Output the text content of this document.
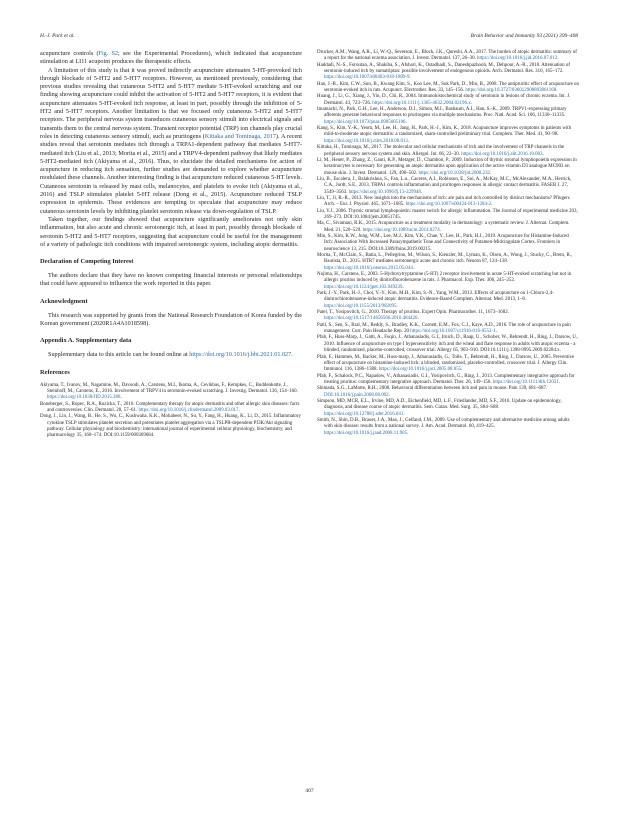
H.-J. Park et al.	Brain Behavior and Immunity 93 (2021) 399–408

acupuncture controls (Fig. S2; see the Experimental Procedures), which indicated that acupuncture stimulation at LI11 acupoint produces the therapeutic effects.

A limitation of this study is that it was proved indirectly acupuncture attenuates 5-HT-provoked itch through blockade of 5-HT2 and 5-HT7 receptors. However, as mentioned previously, considering that previous studies revealing that cutaneous 5-HT2 and 5-HT7 mediate 5-HT-evoked scratching and our finding showing acupuncture could inhibit the activation of 5-HT2 and 5-HT7 receptors, it is evident that acupuncture attenuates 5-HT-evoked itch response, at least in part, possibly through the inhibition of 5-HT2 and 5-HT7 receptors. Another limitation is that we focused only cutaneous 5-HT2 and 5-HT7 receptors. The peripheral nervous system transduces cutaneous sensory stimuli into electrical signals and transmits them to the central nervous system. Transient receptor potential (TRP) ion channels play crucial roles in detecting cutaneous sensory stimuli, such as pruritogens (Kittaka and Tominaga, 2017). A recent studies reveal that serotonin mediates itch through a TRPA1-dependent pathway that mediates 5-HT7-mediated itch (Liu et al., 2013; Morita et al., 2015) and a TRPV4-dependent pathway that likely mediates 5-HT2-mediated itch (Akiyama et al., 2016). Thus, to elucidate the detailed mechanisms for action of acupuncture in reducing itch sensation, further studies are demanded to explore whether acupuncture modulated these channels. Another interesting finding is that acupuncture reduced cutaneous 5-HT levels. Cutaneous serotonin is released by mast cells, melanocytes, and platelets to evoke itch (Akiyama et al., 2016) and TSLP stimulates platelet 5-HT release (Dong et al., 2015). Acupuncture reduced TSLP expression in epidermis. These evidences are tempting to speculate that acupuncture may reduce cutaneous serotonin levels by inhibiting platelet serotonin release via down-regulation of TSLP.

Taken together, our findings showed that acupuncture significantly ameliorates not only skin inflammation, but also acute and chronic serotonergic itch, at least in part, possibly through blockade of serotonin 5-HT2 and 5-HT7 receptors, suggesting that acupuncture could be useful for the management of a variety of pathologic itch conditions with impaired serotonergic system, including atopic dermatitis.

Declaration of Competing Interest

The authors declare that they have no known competing financial interests or personal relationships that could have appeared to influence the work reported in this paper.

Acknowledgment

This research was supported by grants from the National Research Foundation of Korea funded by the Korean government (2020R1A4A1018598).

Appendix A. Supplementary data

Supplementary data to this article can be found online at https://doi.org/10.1016/j.bbi.2021.01.027.

References

Akiyama, T., Ivanov, M., Nagamine, M., Davoodi, A., Carstens, M.I., Ikoma, A., Cevikbas, F., Kempkes, C., Buddenkotte, J., Steinhoff, M., Carstens, E., 2016. Involvement of TRPV4 in serotonin-evoked scratching. J. Investig. Dermatol. 136, 154–160. https://doi.org/10.1038/JID.2015.388.

Boneberger, S., Rupec, R.A., Ruzicka, T., 2010. Complementary therapy for atopic dermatitis and other allergic skin diseases: facts and controversies. Clin. Dermatol. 28, 57–61. https://doi.org/10.1016/j.clindermatol.2009.03.017.

Dong, J., Lin, J., Wang, B., He, S., Wu, C., Kushwaha, K.K., Mohabeer, N., Su, Y., Fang, H., Huang, K., Li, D., 2015. Inflammatory cytokine TSLP stimulates platelet secretion and potentiates platelet aggregation via a TSLPR-dependent PI3K/Akt signaling pathway. Cellular physiology and biochemistry: international journal of experimental cellular physiology, biochemistry, and pharmacology 35, 160–174. DOI:10.1159/000369684.

Drucker, A.M., Wang, A.R., Li, W.-Q., Sevetson, E., Block, J.K., Qureshi, A.A., 2017. The burden of atopic dermatitis: summary of a report for the national eczema association. J. Invest. Dermatol. 137, 26–30. https://doi.org/10.1016/j.jid.2016.07.012.

Haddadi, N.-S., Foroutan, A., Shakiba, S., Afshari, K., Ostadhadi, S., Daneshpazhooh, M., Dehpour, A.-R., 2018. Attenuation of serotonin-induced itch by sumatriptan: possible involvement of endogenous opioids. Arch. Dermatol. Res. 310, 165–172. https://doi.org/10.1007/s00403-018-1809-9.

Han, J.-B., Kim, C.W., Sun, B., Kwang Kim, S., Koo Lee, M., Suk Park, D., Min, B., 2008. The antipruritic effect of acupuncture on serotonin-evoked itch in rats. Acupunct. Electrother. Res. 33, 145–156. https://doi.org/10.3727/036012908803861168.

Huang, J., Li, G., Xiang, J., Yin, D., Chi, R., 2004. Immunohistochemical study of serotonin in lesions of chronic eczema. Int. J. Dermatol. 43, 723–726. https://doi.org/10.1111/j.1365-4632.2004.02196.x.

Imamachi, N., Park, G.H., Lee, H., Anderson, D.J., Simon, M.I., Basbaum, A.I., Han, S.-K., 2009. TRPV1-expressing primary afferents generate behavioral responses to pruritogens via multiple mechanisms. Proc. Natl. Acad. Sci. 106, 11330–11335. https://doi.org/10.1073/pnas.0905605106.

Kang, S., Kim, Y.-K., Yeom, M., Lee, H., Jang, H., Park, H.-J., Kim, K., 2018. Acupuncture improves symptoms in patients with mild-to-moderate atopic dermatitis: a randomized, sham-controlled preliminary trial. Complem. Ther. Med. 41, 90–98. https://doi.org/10.1016/j.ctim.2018.08.013.

Kittaka, H., Tominaga, M., 2017. The molecular and cellular mechanisms of itch and the involvement of TRP channels in the peripheral sensory nervous system and skin. Allergol. Int. 66, 22–30. https://doi.org/10.1016/j.alit.2016.10.003.

Li, M., Hener, P., Zhang, Z., Ganti, K.P., Metzger, D., Chambon, P., 2009. Induction of thymic stromal lymphopoietin expression in keratinocytes is necessary for generating an atopic dermatitis upon application of the active vitamin D3 analogue MC903 on mouse skin. J. Invest. Dermatol. 129, 498–502. https://doi.org/10.1038/jid.2008.232.

Liu, B., Escalera, J., Balakrishna, S., Fan, L.u., Caceres, A.I., Robinson, E., Sui, A., McKay, M.C., McAlexander, M.A., Herrick, C.A., Jordt, S.E., 2013. TRPA1 controls inflammation and pruritogen responses in allergic contact dermatitis. FASEB J. 27, 3549–3563. https://doi.org/10.1096/fj.13-229948.

Liu, T., Ji, R.-R., 2013. New insights into the mechanisms of itch: are pain and itch controlled by distinct mechanisms? Pflugers Arch. – Eur. J. Physiol. 465, 1671–1685. https://doi.org/10.1007/s00424-013-1284-2.

Liu, Y.J., 2006. Thymic stromal lymphopoietin: master switch for allergic inflammation. The Journal of experimental medicine 203, 269–273. DOI:10.1084/jem.20051745.

Ma, C., Sivamani, R.K., 2015. Acupuncture as a treatment modality in dermatology: a systematic review. J. Alternat. Complem. Med. 21, 520–529. https://doi.org/10.1089/acm.2014.0274.

Min, S., Kim, K.W., Jung, W.M., Lee, M.J., Kim, Y.K., Chae, Y., Lee, H., Park, H.J., 2019. Acupuncture for Histamine-Induced Itch: Association With Increased Parasympathetic Tone and Connectivity of Putamen-Midcingulate Cortex. Frontiers in neuroscience 13, 215. DOI:10.3389/fnins.2019.00215.

Morita, T., McClain, S., Batia, L., Pellegrino, M., Wilson, S., Kienzler, M., Lyman, K., Olsen, A., Wong, J., Stucky, C., Brem, R., Bautista, D., 2015. HTR7 mediates serotonergic acute and chronic itch. Neuron 87, 124–138. https://doi.org/10.1016/j.neuron.2015.05.044.

Nojima, H., Carstens, E., 2003. 5-Hydroxytryptamine (5-HT) 2 receptor involvement in acute 5-HT-evoked scratching but not in allergic pruritus induced by dinitrofluorobenzene in rats. J. Pharmacol. Exp. Ther. 306, 245–252. https://doi.org/10.1124/jpet.103.049239.

Park, J.-Y., Park, H.-J., Choi, Y.-Y., Kim, M.H., Kim, S.-N., Yang, W.M., 2013. Effects of acupuncture on 1-Chloro-2,4-dinitrochlorobenzene-induced atopic dermatitis. Evidence-Based Complem. Alternat. Med. 2013, 1–8. https://doi.org/10.1155/2013/982095.

Patel, T., Yosipovitch, G., 2010. Therapy of pruritus. Expert Opin. Pharmacother. 11, 1673–1682. https://doi.org/10.1517/14656566.2010.484420.

Patil, S., Sen, S., Bral, M., Reddy, S., Bradley, K.K., Cornett, E.M., Fox, C.J., Kaye, A.D., 2016. The role of acupuncture in pain management. Curr. Pain Headache Rep. 20 https://doi.org/10.1007/s11916-016-0552-1.

Pfab, F., Huss-Marp, J., Gatti, A., Fuqin, J., Athanasiadis, G.I., Irnich, D., Raap, U., Schober, W., Behrendt, H., Ring, J., Darsow, U., 2010. Influence of acupuncture on type I hypersensitivity itch and the wheal and flare response in adults with atopic eczema - a blinded, randomized, placebo-controlled, crossover trial. Allergy 65, 903–910. DOI:10.1111/j.1398-9995.2009.02284.x.

Pfab, F., Hammes, M., Backer, M., Huss-marp, J., Athanasiadis, G., Tolle, T., Behrendt, H., Ring, J., Darsow, U., 2005. Preventive effect of acupuncture on histamine-induced itch: a blinded, randomized, placebo-controlled, crossover trial. J. Allergy Clin. Immunol. 116, 1386–1388. https://doi.org/10.1016/j.jaci.2005.08.055.

Pfab, F., Schalock, P.C., Napadow, V., Athanasiadis, G.I., Yosipovitch, G., Ring, J., 2013. Complementary integrative approach for treating pruritus: complementary integrative approach. Dermatol. Ther. 26, 149–156. https://doi.org/10.1111/dth.12031.

Shimada, S.G., LaMotte, R.H., 2008. Behavioral differentiation between itch and pain in mouse. Pain 139, 681–687. DOI:10.1016/j.pain.2008.08.002.

Simpson, MD, MCR, E.L., Irvine, MD, A.D., Eichenfield, MD, L.F., Friedlander, MD, S.F., 2016. Update on epidemiology, diagnosis, and disease course of atopic dermatitis. Sem. Cutan. Med. Surg. 35, S84–S88. https://doi.org/10.12788/j.sder.2016.041.

Smith, N., Shin, D.B., Brauer, J.A., Mao, J., Gelfand, J.M., 2009. Use of complementary and alternative medicine among adults with skin disease: results from a national survey. J. Am. Acad. Dermatol. 60, 419–425. https://doi.org/10.1016/j.jaad.2008.11.905.

407
